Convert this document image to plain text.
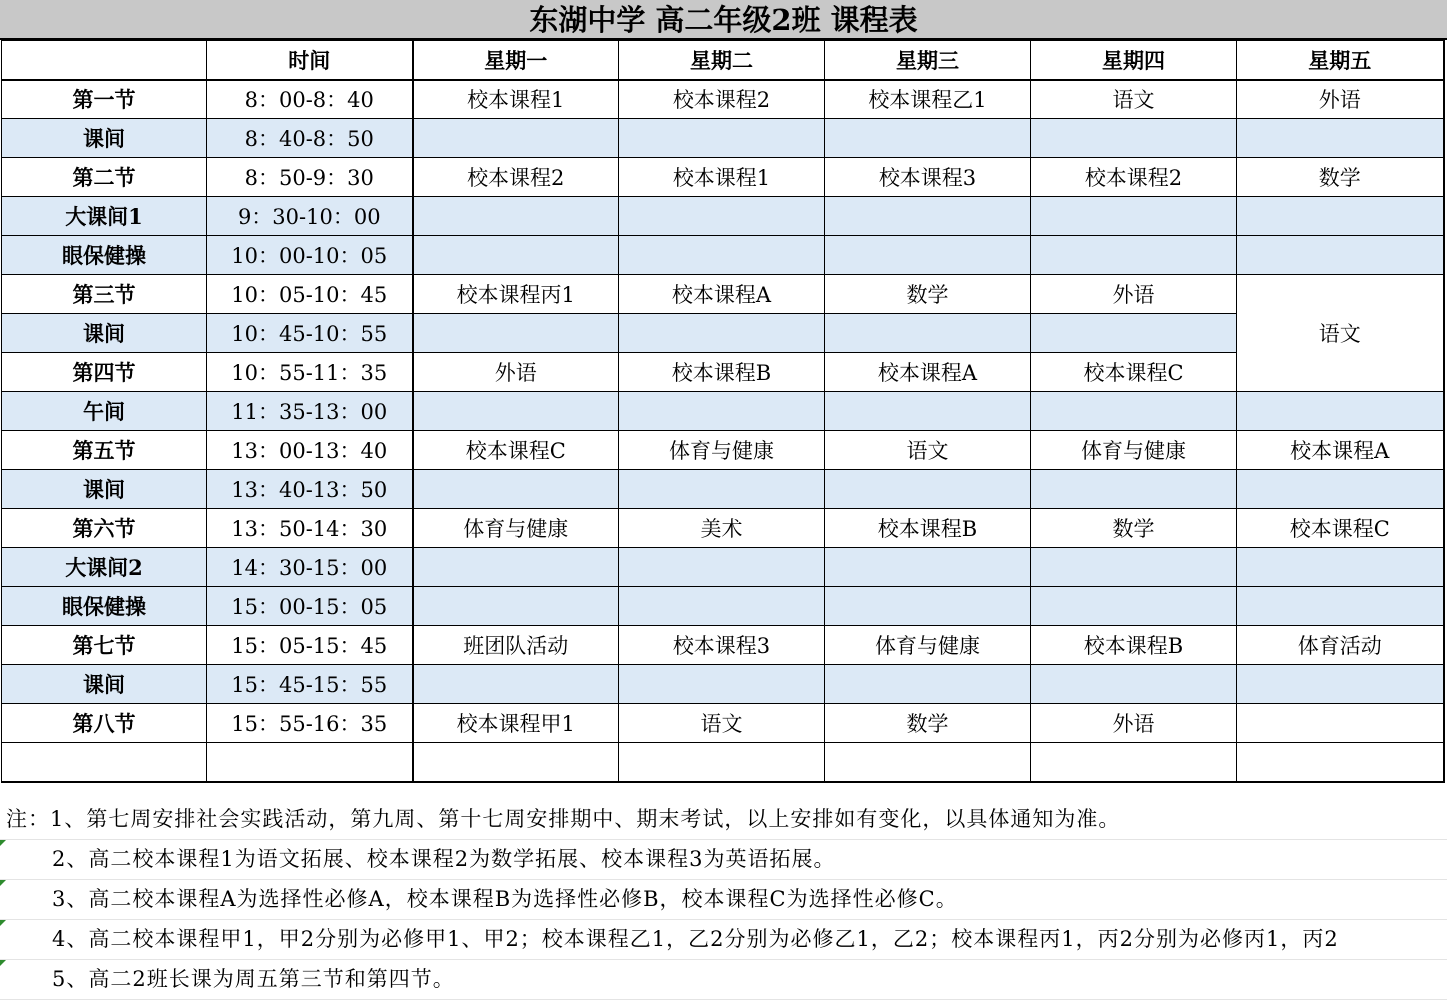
东湖中学 高二年级2班 课程表
	时间	星期一	星期二	星期三	星期四	星期五
第一节	8：00-8：40	校本课程1	校本课程2	校本课程乙1	语文	外语
课间	8：40-8：50					
第二节	8：50-9：30	校本课程2	校本课程1	校本课程3	校本课程2	数学
大课间1	9：30-10：00					
眼保健操	10：00-10：05					
第三节	10：05-10：45	校本课程丙1	校本课程A	数学	外语	语文
课间	10：45-10：55					
第四节	10：55-11：35	外语	校本课程B	校本课程A	校本课程C	
午间	11：35-13：00					
第五节	13：00-13：40	校本课程C	体育与健康	语文	体育与健康	校本课程A
课间	13：40-13：50					
第六节	13：50-14：30	体育与健康	美术	校本课程B	数学	校本课程C
大课间2	14：30-15：00					
眼保健操	15：00-15：05					
第七节	15：05-15：45	班团队活动	校本课程3	体育与健康	校本课程B	体育活动
课间	15：45-15：55					
第八节	15：55-16：35	校本课程甲1	语文	数学	外语	

注：1、第七周安排社会实践活动，第九周、第十七周安排期中、期末考试，以上安排如有变化，以具体通知为准。
2、高二校本课程1为语文拓展、校本课程2为数学拓展、校本课程3为英语拓展。
3、高二校本课程A为选择性必修A，校本课程B为选择性必修B，校本课程C为选择性必修C。
4、高二校本课程甲1，甲2分别为必修甲1、甲2；校本课程乙1，乙2分别为必修乙1，乙2；校本课程丙1，丙2分别为必修丙1，丙2
5、高二2班长课为周五第三节和第四节。
